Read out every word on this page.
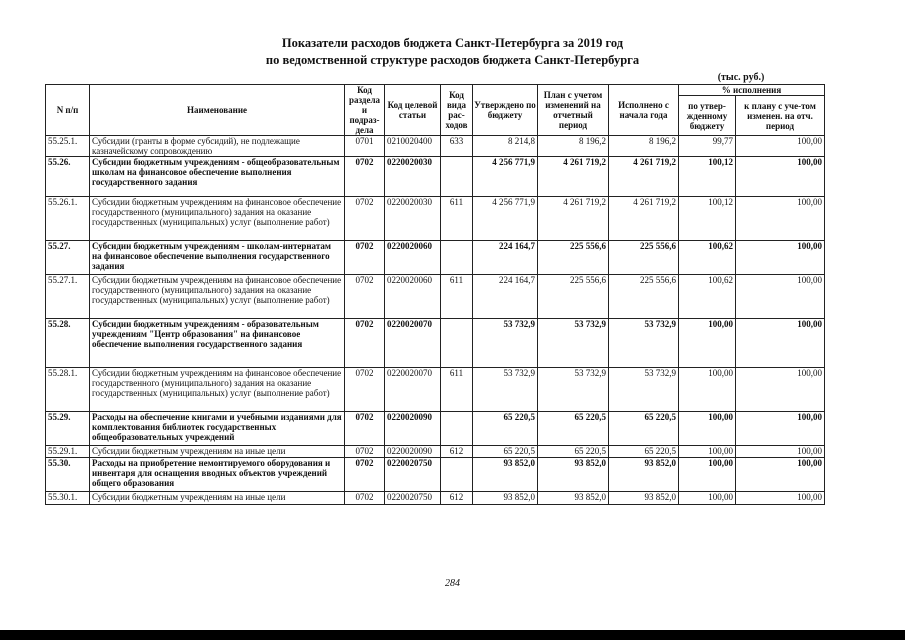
Показатели расходов бюджета Санкт-Петербурга за 2019 год
по ведомственной структуре расходов бюджета Санкт-Петербурга
(тыс. руб.)
N п/п	Наименование	Код раздела и подраз-дела	Код целевой статьи	Код вида рас-ходов	Утверждено по бюджету	План с учетом изменений на отчетный период	Исполнено с начала года	% исполнения	
								по утвер-жденному бюджету	к плану с уче-том изменен. на отч. период
55.25.1.	Субсидии (гранты в форме субсидий), не подлежащие казначейскому сопровождению	0701	0210020400	633	8 214,8	8 196,2	8 196,2	99,77	100,00
55.26.	Субсидии бюджетным учреждениям - общеобразовательным школам на финансовое обеспечение выполнения государственного задания	0702	0220020030		4 256 771,9	4 261 719,2	4 261 719,2	100,12	100,00
55.26.1.	Субсидии бюджетным учреждениям на финансовое обеспечение государственного (муниципального) задания на оказание государственных (муниципальных) услуг (выполнение работ)	0702	0220020030	611	4 256 771,9	4 261 719,2	4 261 719,2	100,12	100,00
55.27.	Субсидии бюджетным учреждениям - школам-интернатам на финансовое обеспечение выполнения государственного задания	0702	0220020060		224 164,7	225 556,6	225 556,6	100,62	100,00
55.27.1.	Субсидии бюджетным учреждениям на финансовое обеспечение государственного (муниципального) задания на оказание государственных (муниципальных) услуг (выполнение работ)	0702	0220020060	611	224 164,7	225 556,6	225 556,6	100,62	100,00
55.28.	Субсидии бюджетным учреждениям - образовательным учреждениям "Центр образования" на финансовое обеспечение выполнения государственного задания	0702	0220020070		53 732,9	53 732,9	53 732,9	100,00	100,00
55.28.1.	Субсидии бюджетным учреждениям на финансовое обеспечение государственного (муниципального) задания на оказание государственных (муниципальных) услуг (выполнение работ)	0702	0220020070	611	53 732,9	53 732,9	53 732,9	100,00	100,00
55.29.	Расходы на обеспечение книгами и учебными изданиями для комплектования библиотек государственных общеобразовательных учреждений	0702	0220020090		65 220,5	65 220,5	65 220,5	100,00	100,00
55.29.1.	Субсидии бюджетным учреждениям на иные цели	0702	0220020090	612	65 220,5	65 220,5	65 220,5	100,00	100,00
55.30.	Расходы на приобретение немонтируемого оборудования и инвентаря для оснащения вводных объектов учреждений общего образования	0702	0220020750		93 852,0	93 852,0	93 852,0	100,00	100,00
55.30.1.	Субсидии бюджетным учреждениям на иные цели	0702	0220020750	612	93 852,0	93 852,0	93 852,0	100,00	100,00
284
